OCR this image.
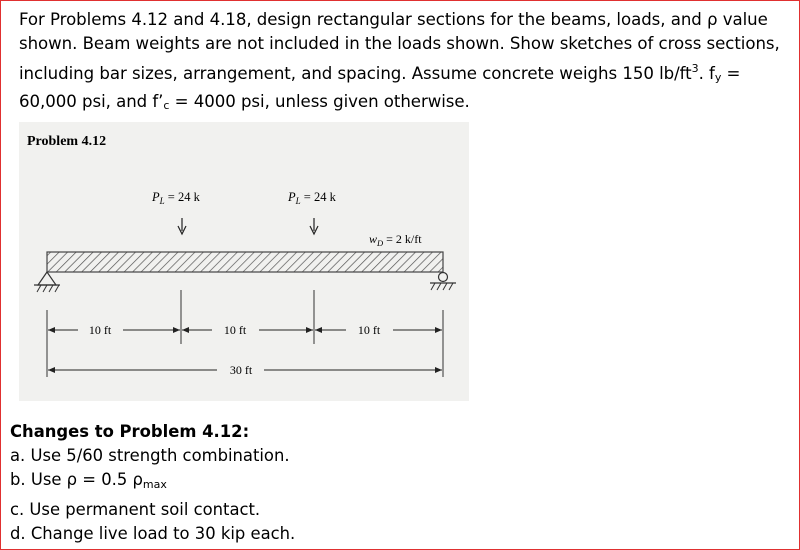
For Problems 4.12 and 4.18, design rectangular sections for the beams, loads, and ρ value shown. Beam weights are not included in the loads shown. Show sketches of cross sections, including bar sizes, arrangement, and spacing. Assume concrete weighs 150 $lb/ft^3$. $f_y = 60,000$ psi, and $f’_c = 4000$ psi, unless given otherwise.
Problem 4.12
$P_L = 24$ k	$P_L = 24$ k
$w_D = 2$ k/ft
10 ft	10 ft	10 ft
30 ft
Changes to Problem 4.12:
a. Use 5/60 strength combination.
b. Use ρ = 0.5 ρmax
c. Use permanent soil contact.
d. Change live load to 30 kip each.
